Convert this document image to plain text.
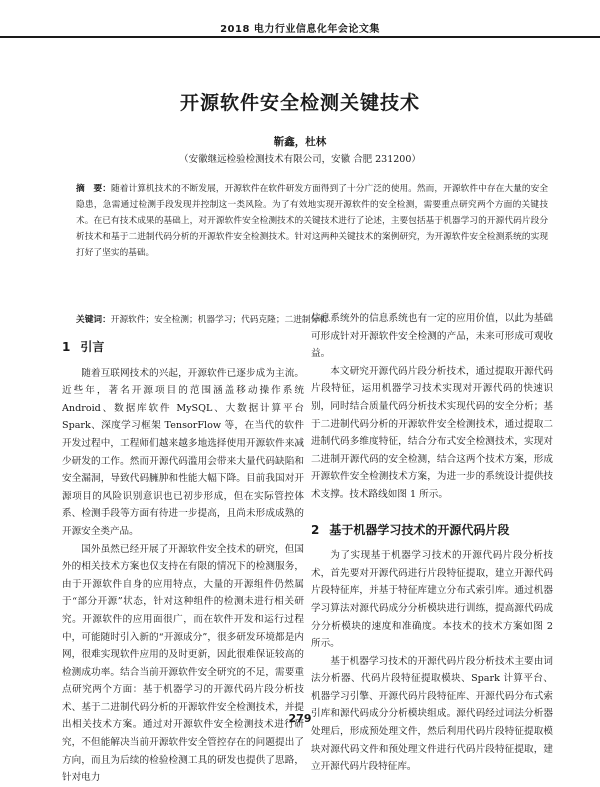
2018 电力行业信息化年会论文集
开源软件安全检测关键技术
靳鑫，杜林
（安徽继远检验检测技术有限公司，安徽 合肥 231200）
摘　要：随着计算机技术的不断发展，开源软件在软件研发方面得到了十分广泛的使用。然而，开源软件中存在大量的安全隐患，急需通过检测手段发现并控制这一类风险。为了有效地实现开源软件的安全检测，需要重点研究两个方面的关键技术。在已有技术成果的基础上，对开源软件安全检测技术的关键技术进行了论述，主要包括基于机器学习的开源代码片段分析技术和基于二进制代码分析的开源软件安全检测技术。针对这两种关键技术的案例研究，为开源软件安全检测系统的实现打好了坚实的基础。
关键词：开源软件；安全检测；机器学习；代码克隆；二进制分析
1 引言

随着互联网技术的兴起，开源软件已逐步成为主流。近些年，著名开源项目的范围涵盖移动操作系统 Android、数据库软件 MySQL、大数据计算平台 Spark、深度学习框架 TensorFlow 等，在当代的软件开发过程中，工程师们越来越多地选择使用开源软件来减少研发的工作。然而开源代码滥用会带来大量代码缺陷和安全漏洞，导致代码臃肿和性能大幅下降。目前我国对开源项目的风险识别意识也已初步形成，但在实际管控体系、检测手段等方面有待进一步提高，且尚未形成成熟的开源安全类产品。

国外虽然已经开展了开源软件安全技术的研究，但国外的相关技术方案也仅支持在有限的情况下的检测服务，由于开源软件自身的应用特点，大量的开源组件仍然属于“部分开源”状态，针对这种组件的检测未进行相关研究。开源软件的应用面很广，而在软件开发和运行过程中，可能随时引入新的“开源成分”，很多研发环境都是内网，很难实现软件应用的及时更新，因此很难保证较高的检测成功率。结合当前开源软件安全研究的不足，需要重点研究两个方面：基于机器学习的开源代码片段分析技术、基于二进制代码分析的开源软件安全检测技术，并提出相关技术方案。通过对开源软件安全检测技术进行研究，不但能解决当前开源软件安全管控存在的问题提出了方向，而且为后续的检验检测工具的研发也提供了思路，针对电力

信息系统外的信息系统也有一定的应用价值，以此为基础可形成针对开源软件安全检测的产品，未来可形成可观收益。

本文研究开源代码片段分析技术，通过提取开源代码片段特征，运用机器学习技术实现对开源代码的快速识别，同时结合质量代码分析技术实现代码的安全分析；基于二进制代码分析的开源软件安全检测技术，通过提取二进制代码多维度特征，结合分布式安全检测技术，实现对二进制开源代码的安全检测，结合这两个技术方案，形成开源软件安全检测技术方案，为进一步的系统设计提供技术支撑。技术路线如图 1 所示。

2 基于机器学习技术的开源代码片段

为了实现基于机器学习技术的开源代码片段分析技术，首先要对开源代码进行片段特征提取，建立开源代码片段特征库，并基于特征库建立分布式索引库。通过机器学习算法对源代码成分分析模块进行训练，提高源代码成分分析模块的速度和准确度。本技术的技术方案如图 2 所示。

基于机器学习技术的开源代码片段分析技术主要由词法分析器、代码片段特征提取模块、Spark 计算平台、机器学习引擎、开源代码片段特征库、开源代码分布式索引库和源代码成分分析模块组成。源代码经过词法分析器处理后，形成预处理文件，然后利用代码片段特征提取模块对源代码文件和预处理文件进行代码片段特征提取，建立开源代码片段特征库。

279
